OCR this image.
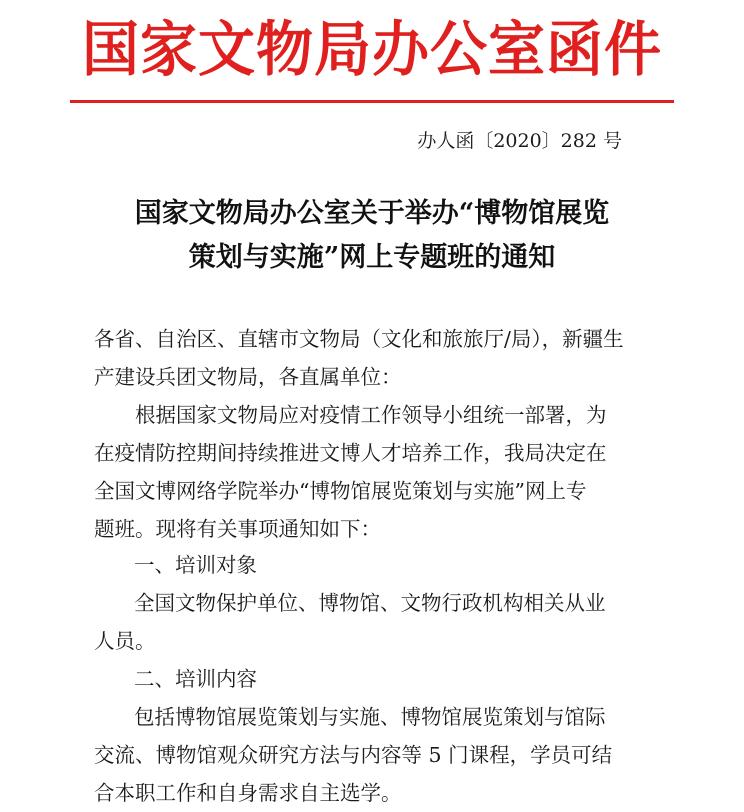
国家文物局办公室函件
办人函〔2020〕282 号
国家文物局办公室关于举办“博物馆展览
策划与实施”网上专题班的通知
各省、自治区、直辖市文物局（文化和旅旅厅/局），新疆生
产建设兵团文物局，各直属单位：
　　根据国家文物局应对疫情工作领导小组统一部署，为
在疫情防控期间持续推进文博人才培养工作，我局决定在
全国文博网络学院举办“博物馆展览策划与实施”网上专
题班。现将有关事项通知如下：
一、培训对象
全国文物保护单位、博物馆、文物行政机构相关从业
人员。
二、培训内容
包括博物馆展览策划与实施、博物馆展览策划与馆际
交流、博物馆观众研究方法与内容等 5 门课程，学员可结
合本职工作和自身需求自主选学。
